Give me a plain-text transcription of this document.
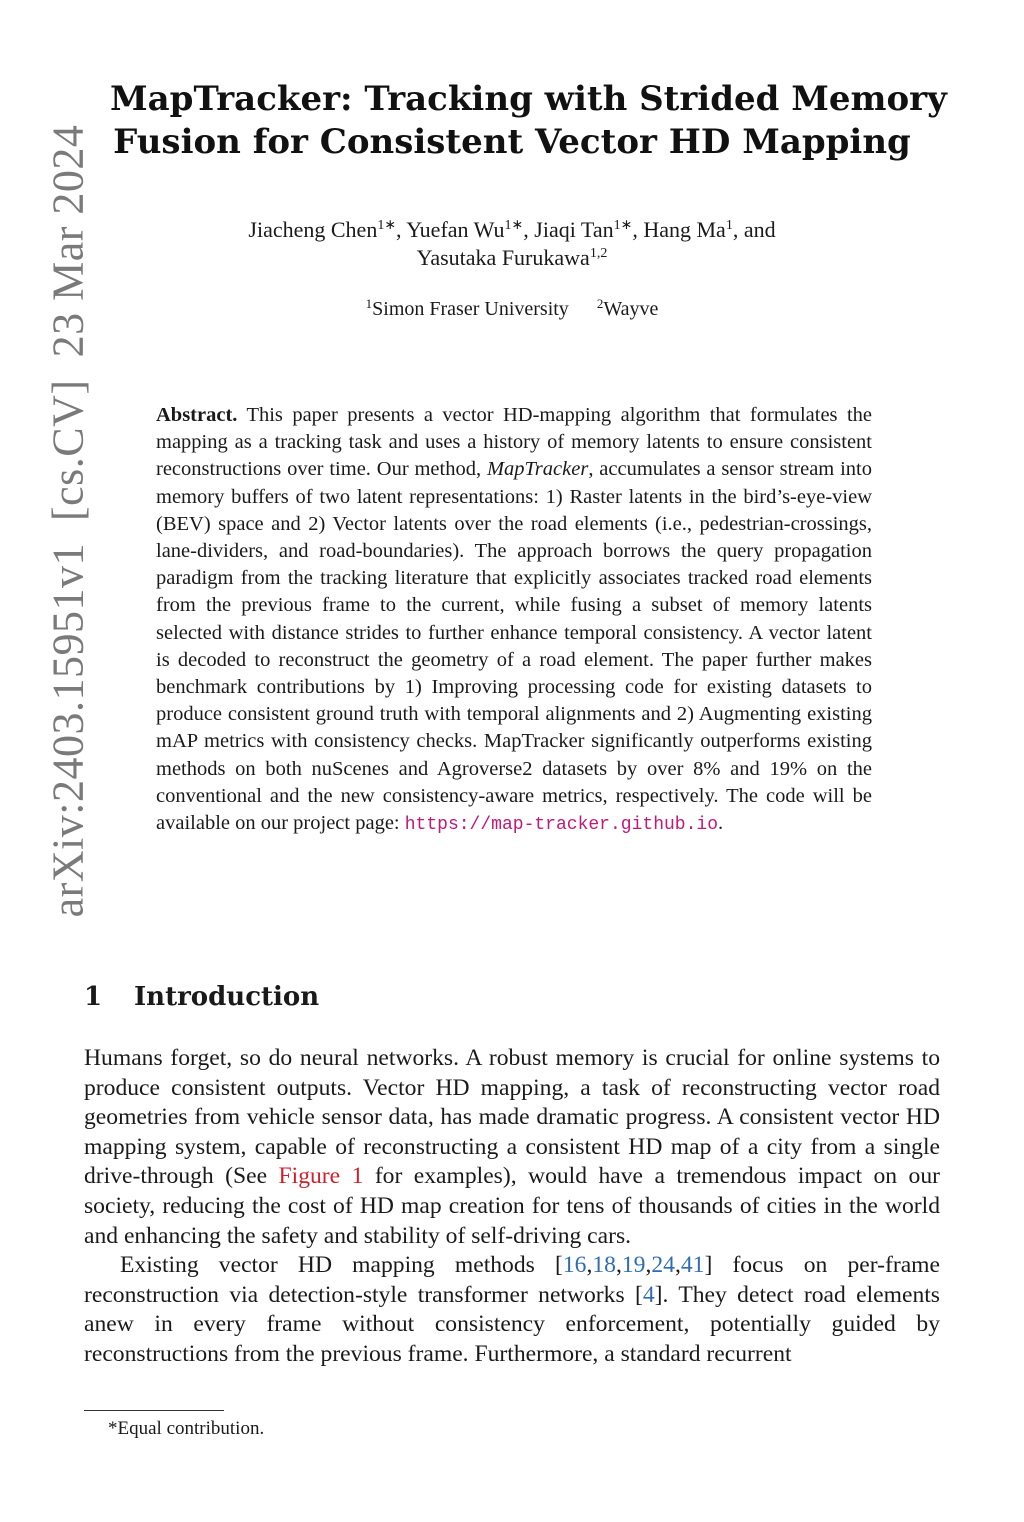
arXiv:2403.15951v1[cs.CV]23 Mar 2024
MapTracker: Tracking with Strided Memory
Fusion for Consistent Vector HD Mapping
Jiacheng Chen$^{1∗}$, Yuefan $Wu^{1∗}$, Jiaqi Tan$^{1∗}$, Hang Ma$^1$, and
Yasutaka Furukawa$^{1,2}$
$^1$Simon Fraser University $^2$Wayve
Abstract. This paper presents a vector HD-mapping algorithm that formulates the mapping as a tracking task and uses a history of memory latents to ensure consistent reconstructions over time. Our method, MapTracker, accumulates a sensor stream into memory buffers of two latent representations: 1) Raster latents in the bird’s-eye-view (BEV) space and 2) Vector latents over the road elements (i.e., pedestrian-crossings, lane-dividers, and road-boundaries). The approach borrows the query propagation paradigm from the tracking literature that explicitly associates tracked road elements from the previous frame to the current, while fusing a subset of memory latents selected with distance strides to further enhance temporal consistency. A vector latent is decoded to reconstruct the geometry of a road element. The paper further makes benchmark contributions by 1) Improving processing code for existing datasets to produce consistent ground truth with temporal alignments and 2) Augmenting existing mAP metrics with consistency checks. MapTracker significantly outperforms existing methods on both nuScenes and Agroverse2 datasets by over 8% and 19% on the conventional and the new consistency-aware metrics, respectively. The code will be available on our project page: https://map-tracker.github.io.
1 Introduction

Humans forget, so do neural networks. A robust memory is crucial for online systems to produce consistent outputs. Vector HD mapping, a task of reconstructing vector road geometries from vehicle sensor data, has made dramatic progress. A consistent vector HD mapping system, capable of reconstructing a consistent HD map of a city from a single drive-through (See Figure 1 for examples), would have a tremendous impact on our society, reducing the cost of HD map creation for tens of thousands of cities in the world and enhancing the safety and stability of self-driving cars.

Existing vector HD mapping methods [16,18,19,24,41] focus on per-frame reconstruction via detection-style transformer networks [4]. They detect road elements anew in every frame without consistency enforcement, potentially guided by reconstructions from the previous frame. Furthermore, a standard recurrent

*Equal contribution.
